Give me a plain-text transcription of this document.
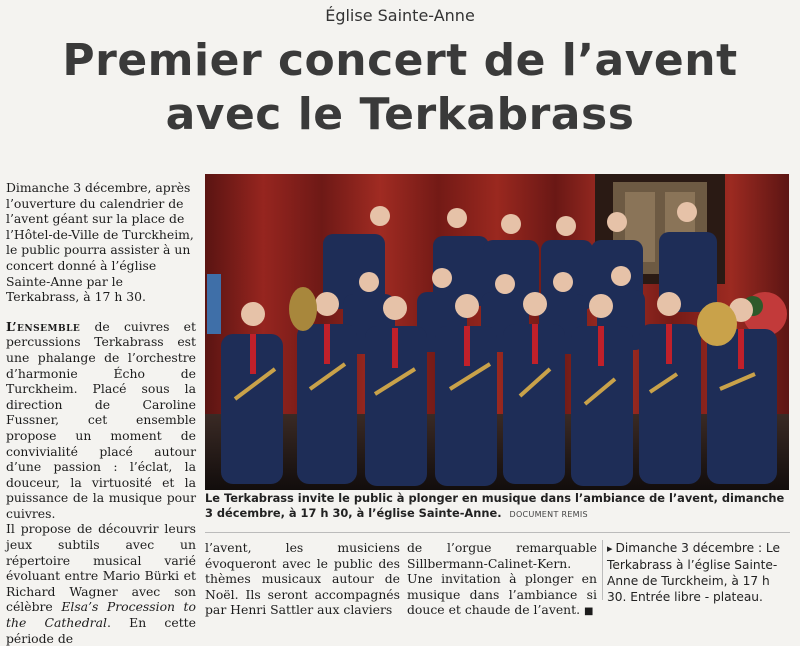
Église Sainte-Anne
Premier concert de l’avent
avec le Terkabrass

Dimanche 3 décembre, après l’ouverture du calendrier de l’avent géant sur la place de l’Hôtel-de-Ville de Turckheim, le public pourra assister à un concert donné à l’église Sainte-Anne par le Terkabrass, à 17 h 30.

L’ensemble de cuivres et percussions Terkabrass est une phalange de l’orchestre d’harmonie Écho de Turckheim. Placé sous la direction de Caroline Fussner, cet ensemble propose un moment de convivialité placé autour d’une passion : l’éclat, la douceur, la virtuosité et la puissance de la musique pour cuivres.

Il propose de découvrir leurs jeux subtils avec un répertoire musical varié évoluant entre Mario Bürki et Richard Wagner avec son célèbre Elsa’s Procession to the Cathedral. En cette période de

Le Terkabrass invite le public à plonger en musique dans l’ambiance de l’avent, dimanche 3 décembre, à 17 h 30, à l’église Sainte-Anne. DOCUMENT REMIS

l’avent, les musiciens évoqueront avec le public des thèmes musicaux autour de Noël. Ils seront accompagnés par Henri Sattler aux claviers

de l’orgue remarquable Sillbermann-Calinet-Kern. Une invitation à plonger en musique dans l’ambiance si douce et chaude de l’avent. ■

▸ Dimanche 3 décembre : Le Terkabrass à l’église Sainte-Anne de Turckheim, à 17 h 30. Entrée libre - plateau.
